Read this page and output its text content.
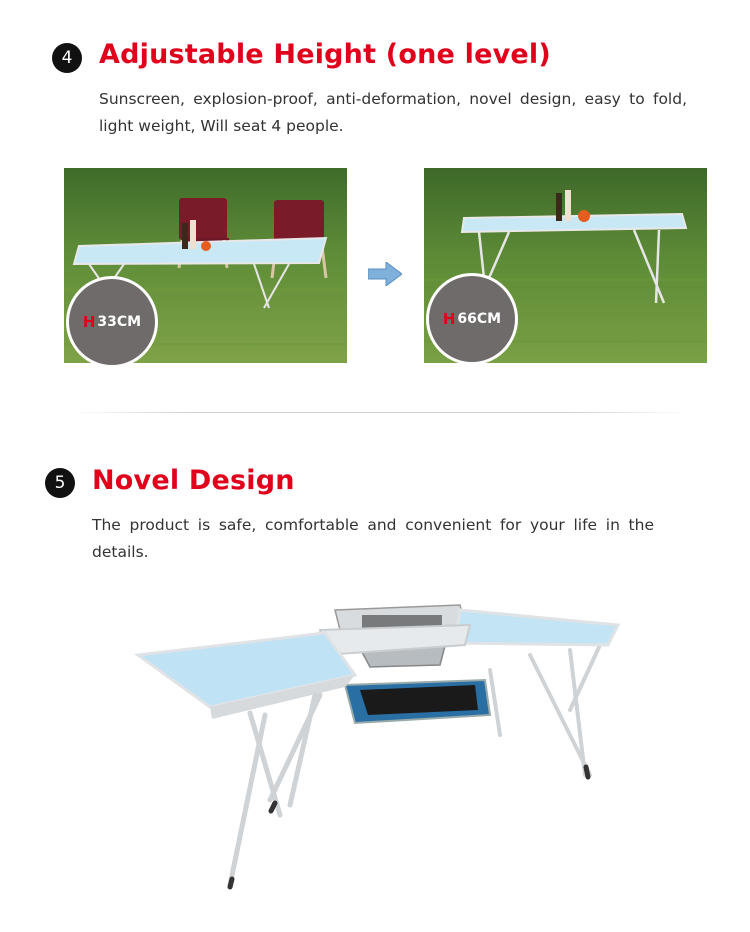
4 Adjustable Height (one level)
Sunscreen, explosion-proof, anti-deformation, novel design, easy to fold, light weight, Will seat 4 people.
H 33CM	H 66CM
5 Novel Design
The product is safe, comfortable and convenient for your life in the details.
